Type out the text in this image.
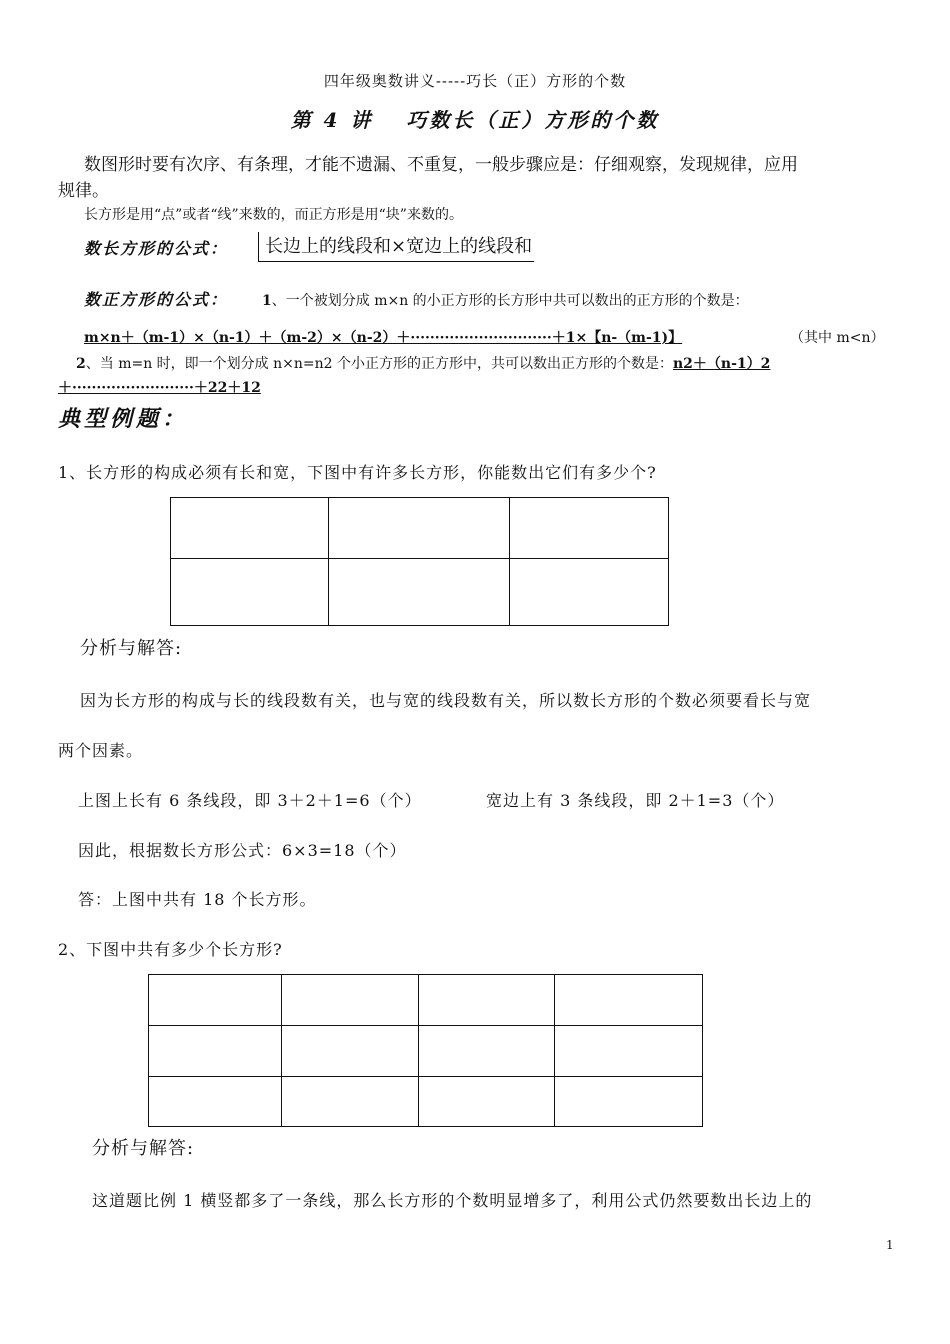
四年级奥数讲义-----巧长（正）方形的个数
第 4 讲　 巧数长（正）方形的个数
数图形时要有次序、有条理，才能不遗漏、不重复，一般步骤应是：仔细观察，发现规律，应用
规律。
长方形是用“点”或者“线”来数的，而正方形是用“块”来数的。
数长方形的公式：	长边上的线段和×宽边上的线段和
数正方形的公式： 1、一个被划分成 m×n 的小正方形的长方形中共可以数出的正方形的个数是：
m×n＋（m-1）×（n-1）＋（m-2）×（n-2）＋·····························＋1×【n-（m-1)】	（其中 m<n）
2、当 m=n 时，即一个划分成 n×n=n2 个小正方形的正方形中，共可以数出正方形的个数是：n2＋（n-1）2
＋·························＋22＋12
典型例题：
1、长方形的构成必须有长和宽，下图中有许多长方形，你能数出它们有多少个?
分析与解答:
因为长方形的构成与长的线段数有关，也与宽的线段数有关，所以数长方形的个数必须要看长与宽
两个因素。
上图上长有 6 条线段，即 3＋2＋1=6（个）	宽边上有 3 条线段，即 2＋1=3（个）
因此，根据数长方形公式：6×3=18（个）
答：上图中共有 18 个长方形。
2、下图中共有多少个长方形?
分析与解答:
这道题比例 1 横竖都多了一条线，那么长方形的个数明显增多了，利用公式仍然要数出长边上的
1
